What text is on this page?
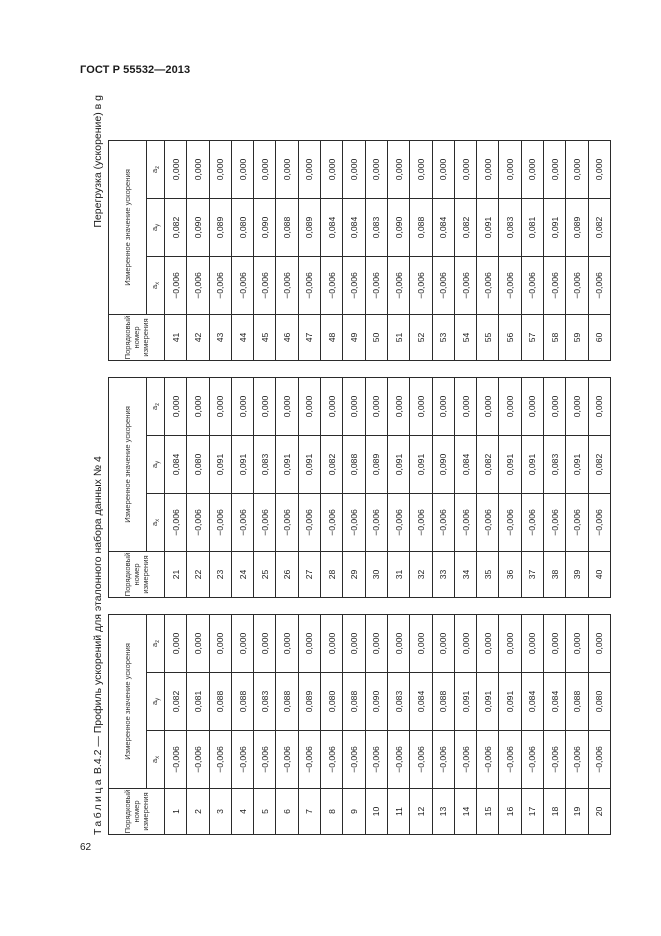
ГОСТ Р 55532—2013
62
Таблица В.4.2 — Профиль ускорений для эталонного набора данных № 4
Перегрузка (ускорение) в g
Порядковый номер измерения	Измеренное значение ускорения		
	ax	ay	az
1	−0,006	0,082	0,000
2	−0,006	0,081	0,000
3	−0,006	0,088	0,000
4	−0,006	0,088	0,000
5	−0,006	0,083	0,000
6	−0,006	0,088	0,000
7	−0,006	0,089	0,000
8	−0,006	0,080	0,000
9	−0,006	0,088	0,000
10	−0,006	0,090	0,000
11	−0,006	0,083	0,000
12	−0,006	0,084	0,000
13	−0,006	0,088	0,000
14	−0,006	0,091	0,000
15	−0,006	0,091	0,000
16	−0,006	0,091	0,000
17	−0,006	0,084	0,000
18	−0,006	0,084	0,000
19	−0,006	0,088	0,000
20	−0,006	0,080	0,000
Порядковый номер измерения	Измеренное значение ускорения		
	ax	ay	az
21	−0,006	0,084	0,000
22	−0,006	0,080	0,000
23	−0,006	0,091	0,000
24	−0,006	0,091	0,000
25	−0,006	0,083	0,000
26	−0,006	0,091	0,000
27	−0,006	0,091	0,000
28	−0,006	0,082	0,000
29	−0,006	0,088	0,000
30	−0,006	0,089	0,000
31	−0,006	0,091	0,000
32	−0,006	0,091	0,000
33	−0,006	0,090	0,000
34	−0,006	0,084	0,000
35	−0,006	0,082	0,000
36	−0,006	0,091	0,000
37	−0,006	0,091	0,000
38	−0,006	0,083	0,000
39	−0,006	0,091	0,000
40	−0,006	0,082	0,000
Порядковый номер измерения	Измеренное значение ускорения		
	ax	ay	az
41	−0,006	0,082	0,000
42	−0,006	0,090	0,000
43	−0,006	0,089	0,000
44	−0,006	0,080	0,000
45	−0,006	0,090	0,000
46	−0,006	0,088	0,000
47	−0,006	0,089	0,000
48	−0,006	0,084	0,000
49	−0,006	0,084	0,000
50	−0,006	0,083	0,000
51	−0,006	0,090	0,000
52	−0,006	0,088	0,000
53	−0,006	0,084	0,000
54	−0,006	0,082	0,000
55	−0,006	0,091	0,000
56	−0,006	0,083	0,000
57	−0,006	0,081	0,000
58	−0,006	0,091	0,000
59	−0,006	0,089	0,000
60	−0,006	0,082	0,000
